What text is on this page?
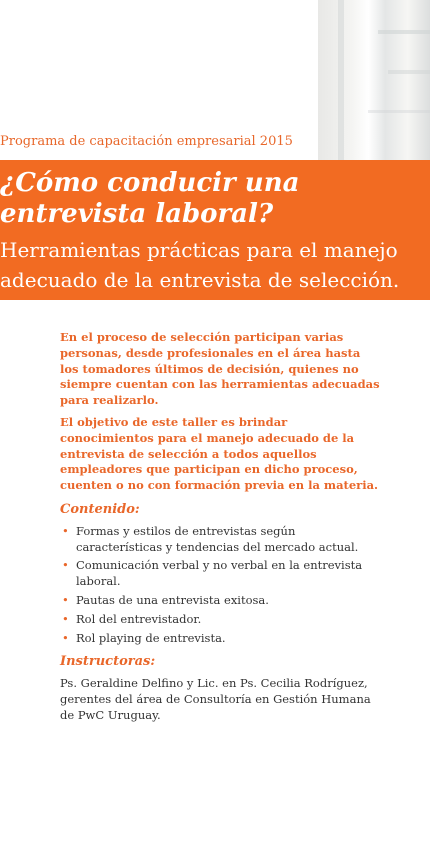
Programa de capacitación empresarial 2015
¿Cómo conducir una
entrevista laboral?

Herramientas prácticas para el manejo
adecuado de la entrevista de selección.

En el proceso de selección participan varias personas, desde profesionales en el área hasta los tomadores últimos de decisión, quienes no siempre cuentan con las herramientas adecuadas para realizarlo.

El objetivo de este taller es brindar conocimientos para el manejo adecuado de la entrevista de selección a todos aquellos empleadores que participan en dicho proceso, cuenten o no con formación previa en la materia.

Contenido:
• Formas y estilos de entrevistas según características y tendencias del mercado actual.
• Comunicación verbal y no verbal en la entrevista laboral.
• Pautas de una entrevista exitosa.
• Rol del entrevistador.
• Rol playing de entrevista.
Instructoras:

Ps. Geraldine Delfino y Lic. en Ps. Cecilia Rodríguez, gerentes del área de Consultoría en Gestión Humana de PwC Uruguay.
